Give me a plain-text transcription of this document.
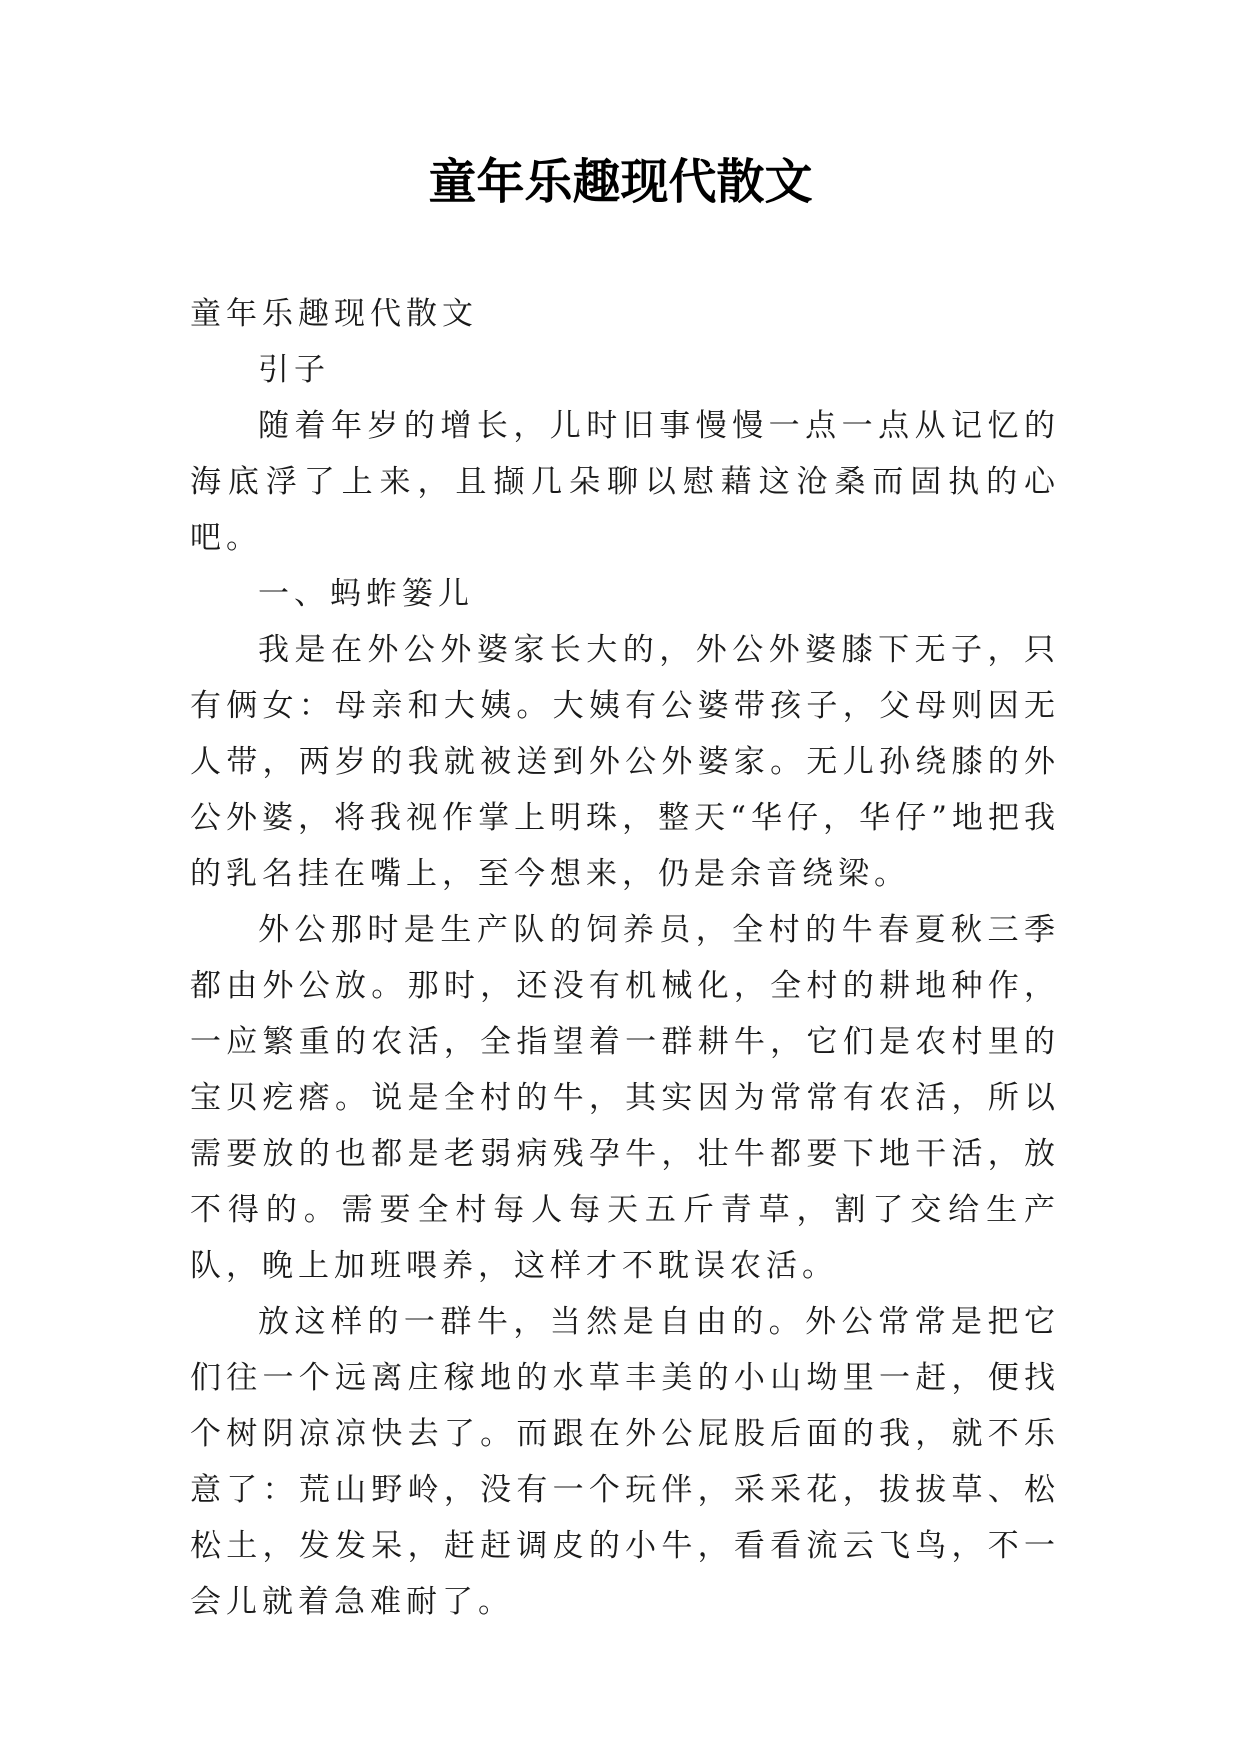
童年乐趣现代散文

童年乐趣现代散文

引子

随着年岁的增长，儿时旧事慢慢一点一点从记忆的海底浮了上来，且撷几朵聊以慰藉这沧桑而固执的心吧。

一、蚂蚱篓儿

我是在外公外婆家长大的，外公外婆膝下无子，只有俩女：母亲和大姨。大姨有公婆带孩子，父母则因无人带，两岁的我就被送到外公外婆家。无儿孙绕膝的外公外婆，将我视作掌上明珠，整天“华仔，华仔”地把我的乳名挂在嘴上，至今想来，仍是余音绕梁。

外公那时是生产队的饲养员，全村的牛春夏秋三季都由外公放。那时，还没有机械化，全村的耕地种作，一应繁重的农活，全指望着一群耕牛，它们是农村里的宝贝疙瘩。说是全村的牛，其实因为常常有农活，所以需要放的也都是老弱病残孕牛，壮牛都要下地干活，放不得的。需要全村每人每天五斤青草，割了交给生产队，晚上加班喂养，这样才不耽误农活。

放这样的一群牛，当然是自由的。外公常常是把它们往一个远离庄稼地的水草丰美的小山坳里一赶，便找个树阴凉凉快去了。而跟在外公屁股后面的我，就不乐意了：荒山野岭，没有一个玩伴，采采花，拔拔草、松松土，发发呆，赶赶调皮的小牛，看看流云飞鸟，不一会儿就着急难耐了。
